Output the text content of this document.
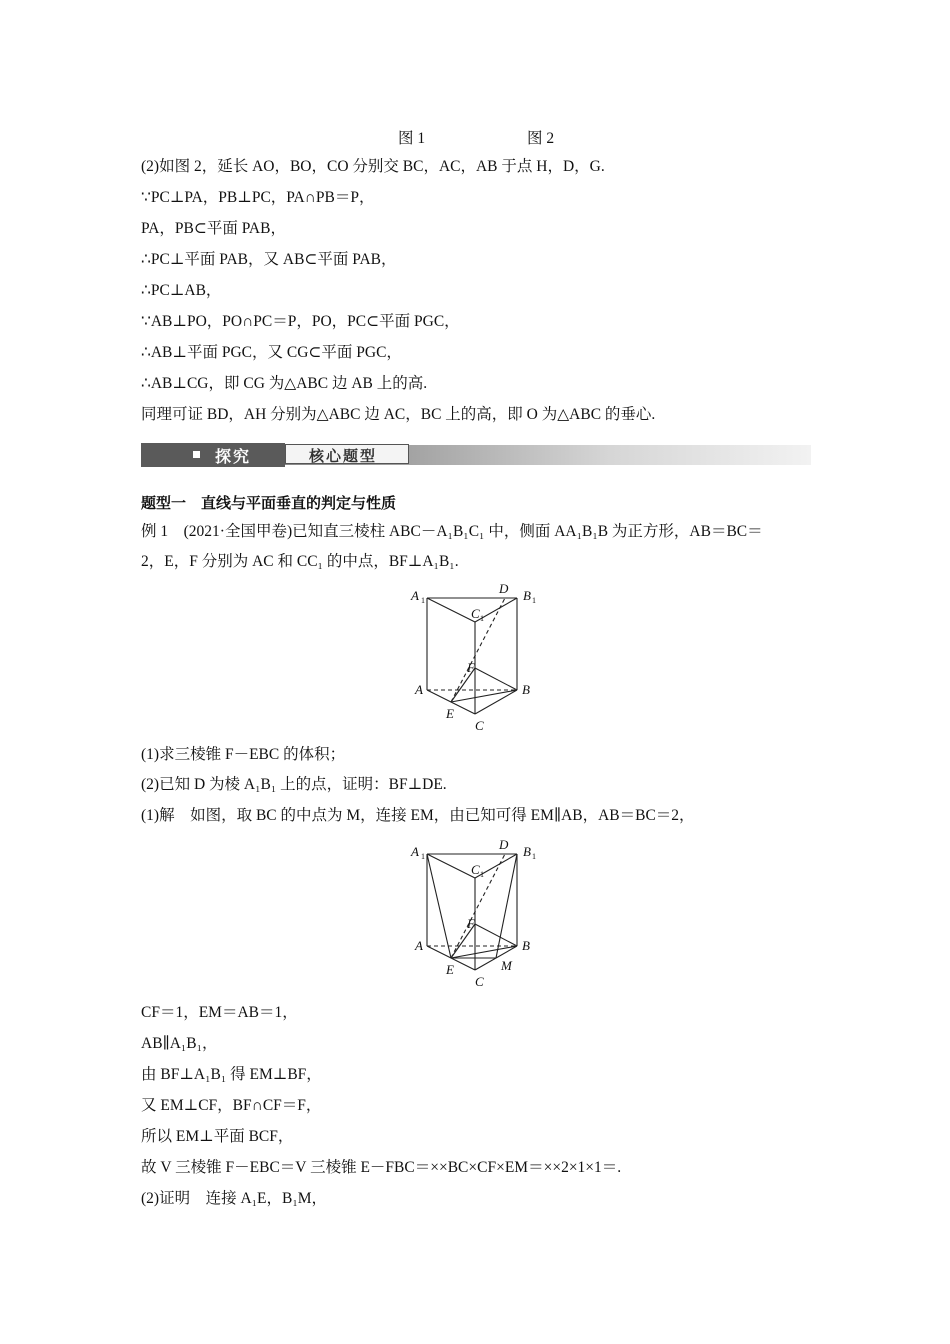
图 1	图 2
(2)如图 2，延长 AO，BO，CO 分别交 BC，AC，AB 于点 H，D，G.
∵PC⊥PA，PB⊥PC，PA∩PB＝P，
PA，PB⊂平面 PAB，
∴PC⊥平面 PAB，又 AB⊂平面 PAB，
∴PC⊥AB，
∵AB⊥PO，PO∩PC＝P，PO，PC⊂平面 PGC，
∴AB⊥平面 PGC，又 CG⊂平面 PGC，
∴AB⊥CG，即 CG 为△ABC 边 AB 上的高.
同理可证 BD，AH 分别为△ABC 边 AC，BC 上的高，即 O 为△ABC 的垂心.
探究	核心题型
题型一　直线与平面垂直的判定与性质
例 1　(2021·全国甲卷)已知直三棱柱 ABC－A₁B₁C₁ 中，侧面 AA₁B₁B 为正方形，AB＝BC＝
2，E，F 分别为 AC 和 CC₁ 的中点，BF⊥A₁B₁.
A 1
D B 1
C 1
F
A	B
E
C
(1)求三棱锥 F－EBC 的体积；
(2)已知 D 为棱 A₁B₁ 上的点，证明：BF⊥DE.
(1)解　如图，取 BC 的中点为 M，连接 EM，由已知可得 EM∥AB，AB＝BC＝2，
A 1
D B 1
C 1
F
A	B
E	M
C
CF＝1，EM＝AB＝1，
AB∥A₁B₁，
由 BF⊥A₁B₁ 得 EM⊥BF，
又 EM⊥CF，BF∩CF＝F，
所以 EM⊥平面 BCF，
故 V 三棱锥 F－EBC＝V 三棱锥 E－FBC＝××BC×CF×EM＝××2×1×1＝.
(2)证明　连接 A₁E，B₁M，
